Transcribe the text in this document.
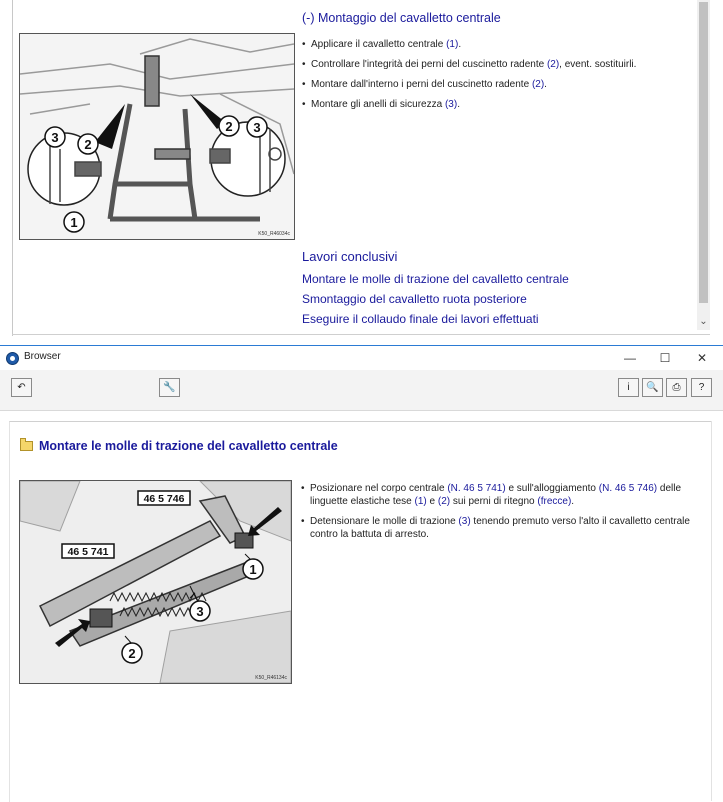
3 2
1
2 3
K50_R46034c
(-) Montaggio del cavalletto centrale
• Applicare il cavalletto centrale (1).
• Controllare l'integrità dei perni del cuscinetto radente (2), event. sostituirli.
• Montare dall'interno i perni del cuscinetto radente (2).
• Montare gli anelli di sicurezza (3).
Lavori conclusivi
Montare le molle di trazione del cavalletto centrale
Smontaggio del cavalletto ruota posteriore
Eseguire il collaudo finale dei lavori effettuati	⌄
Browser	—	☐	✕
↶	🔧	i	🔍	⎙	?
Montare le molle di trazione del cavalletto centrale
46 5 746
46 5 741
1
3
2
K50_R46134c
• Posizionare nel corpo centrale (N. 46 5 741) e sull'alloggiamento (N. 46 5 746) delle linguette elastiche tese (1) e (2) sui perni di ritegno (frecce).
• Detensionare le molle di trazione (3) tenendo premuto verso l'alto il cavalletto centrale contro la battuta di arresto.
